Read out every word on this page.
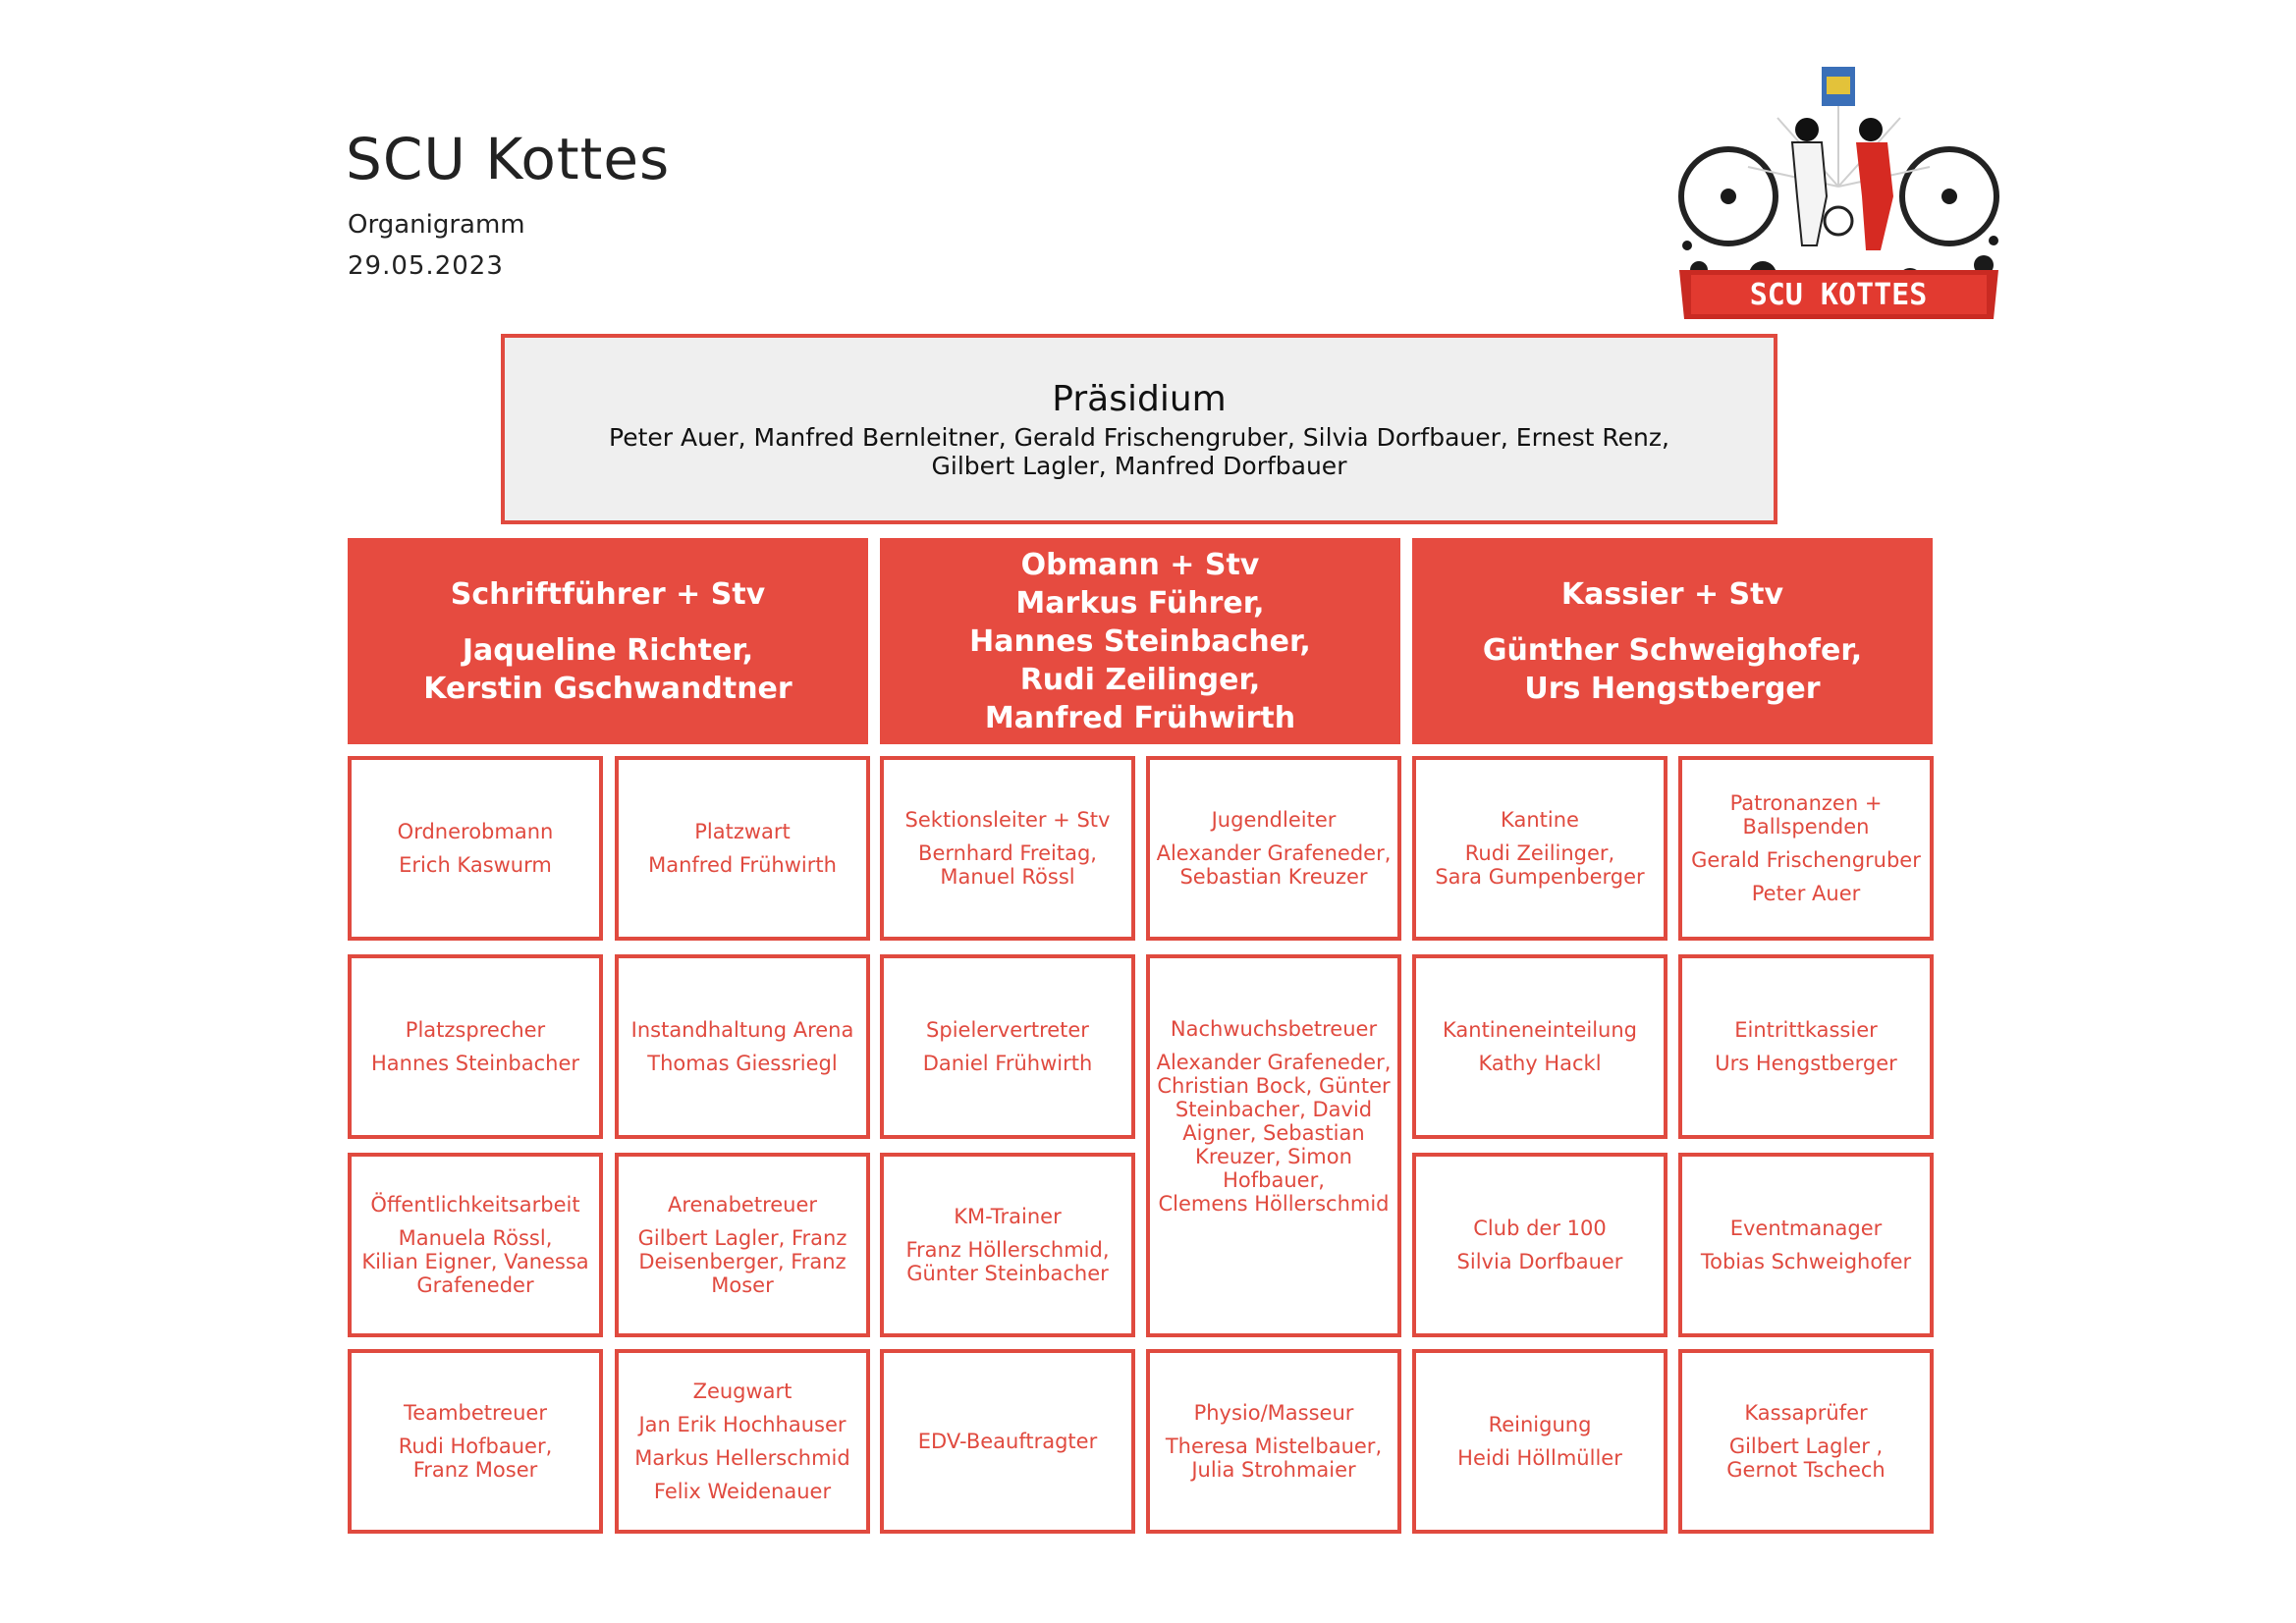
SCU Kottes
Organigramm
29.05.2023
SCU KOTTES
Präsidium
Peter Auer, Manfred Bernleitner, Gerald Frischengruber, Silvia Dorfbauer, Ernest Renz,
Gilbert Lagler, Manfred Dorfbauer
Schriftführer + Stv
Jaqueline Richter,
Kerstin Gschwandtner
Obmann + Stv
Markus Führer,
Hannes Steinbacher,
Rudi Zeilinger,
Manfred Frühwirth
Kassier + Stv
Günther Schweighofer,
Urs Hengstberger
Ordnerobmann
Erich Kaswurm
Platzwart
Manfred Frühwirth
Sektionsleiter + Stv
Bernhard Freitag,
Manuel Rössl
Jugendleiter
Alexander Grafeneder,
Sebastian Kreuzer
Kantine
Rudi Zeilinger,
Sara Gumpenberger
Patronanzen +
Ballspenden
Gerald Frischengruber
Peter Auer
Platzsprecher
Hannes Steinbacher
Instandhaltung Arena
Thomas Giessriegl
Spielervertreter
Daniel Frühwirth
Nachwuchsbetreuer
Alexander Grafeneder,
Christian Bock, Günter
Steinbacher, David
Aigner, Sebastian
Kreuzer, Simon Hofbauer,
Clemens Höllerschmid
Kantineneinteilung
Kathy Hackl
Eintrittkassier
Urs Hengstberger
Öffentlichkeitsarbeit
Manuela Rössl,
Kilian Eigner, Vanessa
Grafeneder
Arenabetreuer
Gilbert Lagler, Franz
Deisenberger, Franz
Moser
KM-Trainer
Franz Höllerschmid,
Günter Steinbacher
Club der 100
Silvia Dorfbauer
Eventmanager
Tobias Schweighofer
Teambetreuer
Rudi Hofbauer,
Franz Moser
Zeugwart
Jan Erik Hochhauser
Markus Hellerschmid
Felix Weidenauer
EDV-Beauftragter
Physio/Masseur
Theresa Mistelbauer,
Julia Strohmaier
Reinigung
Heidi Höllmüller
Kassaprüfer
Gilbert Lagler ,
Gernot Tschech
